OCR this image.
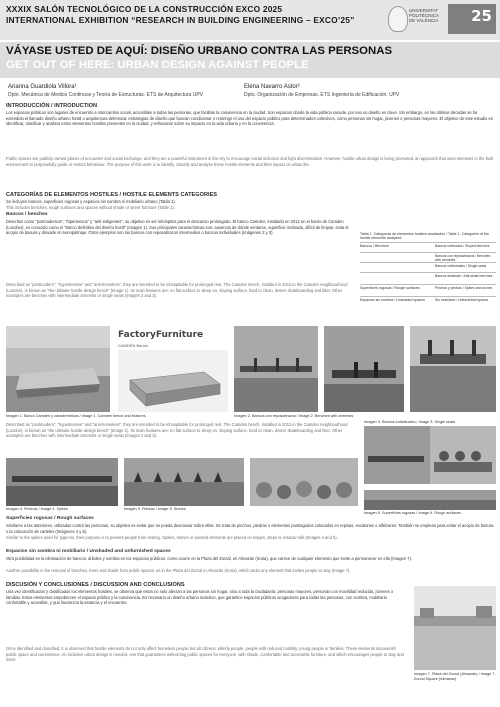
XXXIX SALÓN TECNOLÓGICO DE LA CONSTRUCCIÓN EXCO 2025
INTERNATIONAL EXHIBITION “RESEARCH IN BUILDING ENGINEERING – EXCO’25”
UNIVERSITAT POLITÈCNICA DE VALÈNCIA	25
VÁYASE USTED DE AQUÍ: DISEÑO URBANO CONTRA LAS PERSONAS
GET OUT OF HERE: URBAN DESIGN AGAINST PEOPLE
Arianna Guardiola Villora¹
Dpto. Mecánica de Medios Continuos y Teoría de Estructuras. ETS de Arquitectura UPV
Elena Navarro Astor²
Dpto. Organización de Empresas. ETS Ingeniería de Edificación. UPV
INTRODUCCIÓN / INTRODUCTION
Los espacios públicos son lugares de encuentro e intercambio social, accesibles a todas las personas, que facilitan la convivencia en la ciudad. Son espacios donde la vida pública sucede, por eso su diseño es clave. Sin embargo, en las últimas décadas se ha extendido el llamado diseño urbano hostil o arquitectura defensiva: estrategias de diseño que buscan condicionar o restringir el uso del espacio público para determinados colectivos, como personas sin hogar, jóvenes o personas mayores. El objetivo de este estudio es identificar, clasificar y analizar estos elementos hostiles presentes en la ciudad, y reflexionar sobre su impacto en la vida urbana y en la convivencia.
Public spaces are publicly owned places of encounter and social exchange, and they are a powerful instrument in the city to encourage social inclusion and fight discrimination. However, hostile urban design is being promoted, an approach that uses elements in the built environment to purposefully guide or restrict behaviour. The purpose of this work is to identify, classify and analyse these hostile elements and their impact on urban life.
CATEGORÍAS DE ELEMENTOS HOSTILES / HOSTILE ELEMENTS CATEGORIES
Se incluyen bancos, superficies rugosas y espacios sin sombra ni mobiliario urbano (Tabla 1).
This includes benches, rough surfaces and spaces without shade or street furniture (Table 1).
Bancos / benches
Descritos como “posmodernos”, “hipertensos” y “anti-indigentes”, su objetivo es ser inhóspitos para el descanso prolongado. El banco Camden, instalado en 2012 en el barrio de Camden (Londres), es conocido como el “banco definitivo del diseño hostil” (Imagen 1). Sus principales características son: ausencia de dónde sentarse, superficie inclinada, difícil de limpiar, evita el acopio de basura y disuade el monopatinaje. Otros ejemplos son los bancos con reposabrazos intermedios o bancos individuales (Imágenes 2 y 3).
Described as “postmodern”, “hypertensive” and “anti-homeless”, they are intended to be inhospitable for prolonged rest. The Camden bench, installed in 2012 in the Camden neighbourhood (London), is known as “the ultimate hostile design bench” (Image 1). Its main features are: no flat surface to sleep on, sloping surface, hard to clean, deters skateboarding and litter. Other examples are benches with intermediate armrests or single seats (Images 2 and 3).
Tabla 1. Categorías de elementos hostiles analizados / Table 1. Categories of the hostile elements analysed
Bancos / Benches	Bancos inclinados / Sloped benches
Bancos con reposabrazos / Benches with armrests
Bancos individuales / Single seats
Bancos antiskate / Anti-skate benches
Superficies rugosas / Rough surfaces	Pinchos y piedras / Spikes and stones
Espacios sin sombra / Unshaded spaces	Sin mobiliario / Unfurnished spaces
FactoryFurniture
CAMDEN Bench
Imagen 1. Banco Camden y características / Image 1. Camden bench and features	Imagen 2. Bancos con reposabrazos / Image 2. Benches with armrests
Imagen 3. Bancos individuales / Image 3. Single seats
Described as “postmodern”, “hypertensive” and “anti-homeless”, they are intended to be inhospitable for prolonged rest. The Camden bench, installed in 2012 in the Camden neighbourhood (London), is known as “the ultimate hostile design bench” (Image 1). Its main features are: no flat surface to sleep on, sloping surface, hard to clean, deters skateboarding and litter. Other examples are benches with intermediate armrests or single seats (Images 2 and 3).
Imagen 4. Pinchos / Image 4. Spikes	Imagen 5. Piedras / Image 5. Stones
Imagen 6. Superficies rugosas / Image 6. Rough surfaces
Superficies rugosas / Rough surfaces
Similares a las anteriores, utilizadas contra las personas, su objetivo es evitar que se pueda descansar sobre ellas. Se trata de pinchos, piedras o elementos puntiagudos colocados en repisas, escalones o alféizares. También se emplean para evitar el acopio de basura o la colocación de carteles (Imágenes 4 y 5).
Similar to the spikes used for pigeons, their purpose is to prevent people from resting. Spikes, stones or pointed elements are placed on ledges, steps or window sills (Images 4 and 5).
Espacios sin sombra ni mobiliario / Unshaded and unfurnished spaces
Otra posibilidad es la eliminación de bancos, árboles y sombra en los espacios públicos, como ocurre en la Plaza del Zorzal, en Almazán (Soria), que carece de cualquier elemento que invite a permanecer en ella (Imagen 7).
Another possibility is the removal of benches, trees and shade from public spaces, as in the Plaza del Zorzal in Almazán (Soria), which lacks any element that invites people to stay (Image 7).
DISCUSIÓN Y CONCLUSIONES / DISCUSSION AND CONCLUSIONS
Una vez identificados y clasificados los elementos hostiles, se observa que estos no solo afectan a las personas sin hogar, sino a toda la ciudadanía: personas mayores, personas con movilidad reducida, jóvenes o familias. Estos elementos empobrecen el espacio público y la convivencia. Es necesario un diseño urbano inclusivo, que garantice espacios públicos acogedores para todas las personas, con sombra, mobiliario confortable y accesible, y que favorezca la estancia y el encuentro.
Once identified and classified, it is observed that hostile elements do not only affect homeless people but all citizens: elderly people, people with reduced mobility, young people or families. These elements impoverish public space and coexistence. An inclusive urban design is needed, one that guarantees welcoming public spaces for everyone, with shade, comfortable and accessible furniture, and which encourages people to stay and meet.
Imagen 7. Plaza del Zorzal (Almazán) / Image 7. Zorzal Square (Almazán)
